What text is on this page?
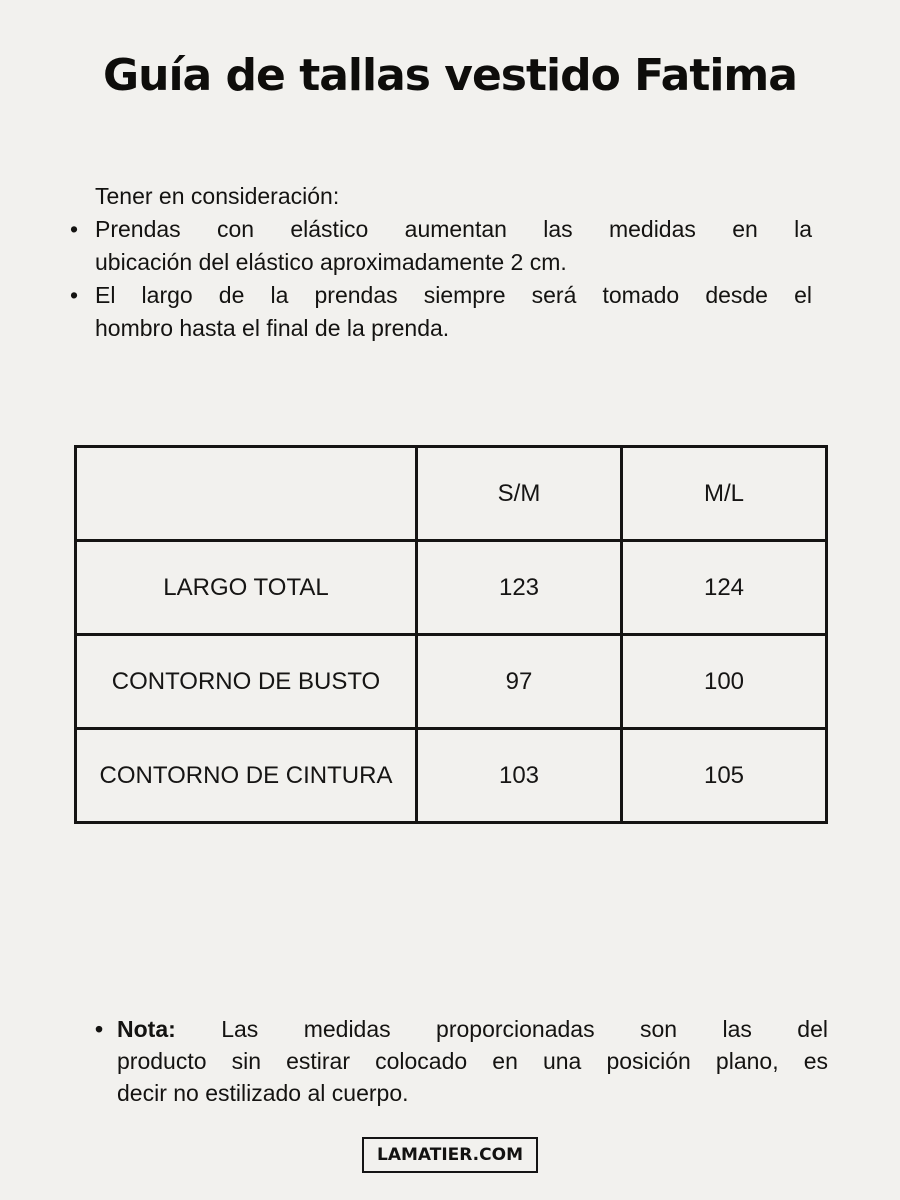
Guía de tallas vestido Fatima
Tener en consideración:
• Prendas con elástico aumentan las medidas en la
ubicación del elástico aproximadamente 2 cm.
• El largo de la prendas siempre será tomado desde el
hombro hasta el final de la prenda.
	S/M	M/L
LARGO TOTAL	123	124
CONTORNO DE BUSTO	97	100
CONTORNO DE CINTURA	103	105
• Nota: Las medidas proporcionadas son las del
producto sin estirar colocado en una posición plano, es
decir no estilizado al cuerpo.
LAMATIER.COM
